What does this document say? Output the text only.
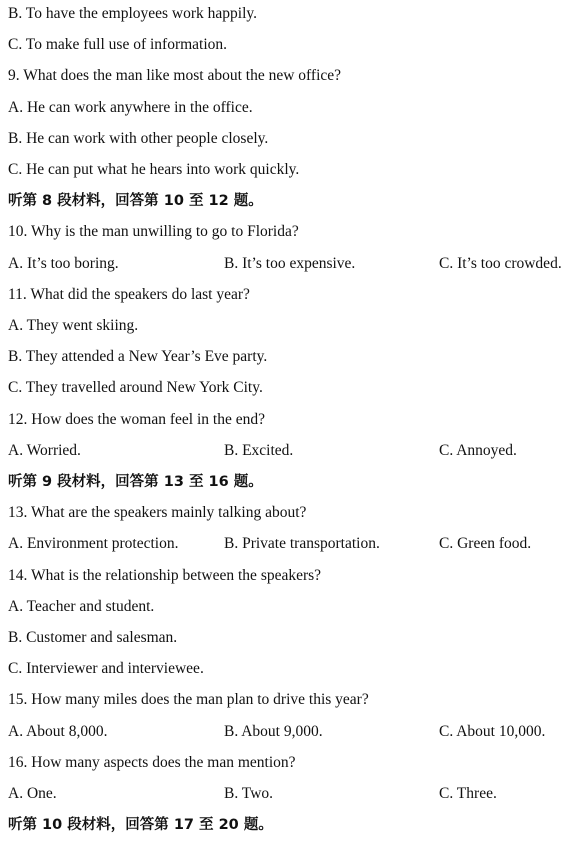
B. To have the employees work happily.
C. To make full use of information.
9. What does the man like most about the new office?
A. He can work anywhere in the office.
B. He can work with other people closely.
C. He can put what he hears into work quickly.
听第 8 段材料，回答第 10 至 12 题。
10. Why is the man unwilling to go to Florida?
A. It’s too boring.	B. It’s too expensive.	C. It’s too crowded.
11. What did the speakers do last year?
A. They went skiing.
B. They attended a New Year’s Eve party.
C. They travelled around New York City.
12. How does the woman feel in the end?
A. Worried.	B. Excited.	C. Annoyed.
听第 9 段材料，回答第 13 至 16 题。
13. What are the speakers mainly talking about?
A. Environment protection.	B. Private transportation.	C. Green food.
14. What is the relationship between the speakers?
A. Teacher and student.
B. Customer and salesman.
C. Interviewer and interviewee.
15. How many miles does the man plan to drive this year?
A. About 8,000.	B. About 9,000.	C. About 10,000.
16. How many aspects does the man mention?
A. One.	B. Two.	C. Three.
听第 10 段材料，回答第 17 至 20 题。
